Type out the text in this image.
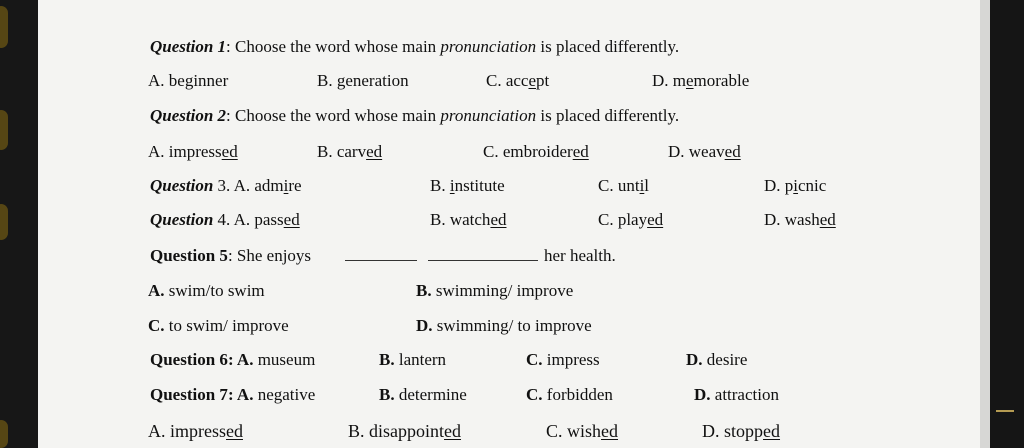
Question 1: Choose the word whose main pronunciation is placed differently.
A. beginner	B. generation	C. accept	D. memorable
Question 2: Choose the word whose main pronunciation is placed differently.
A. impressed	B. carved	C. embroidered	D. weaved
Question 3. A. admire	B. institute	C. until	D. picnic
Question 4. A. passed	B. watched	C. played	D. washed
Question 5: She enjoys	her health.
A. swim/to swim	B. swimming/ improve
C. to swim/ improve	D. swimming/ to improve
Question 6: A. museum	B. lantern	C. impress	D. desire
Question 7: A. negative	B. determine	C. forbidden	D. attraction
A. impressed	B. disappointed	C. wished	D. stopped
